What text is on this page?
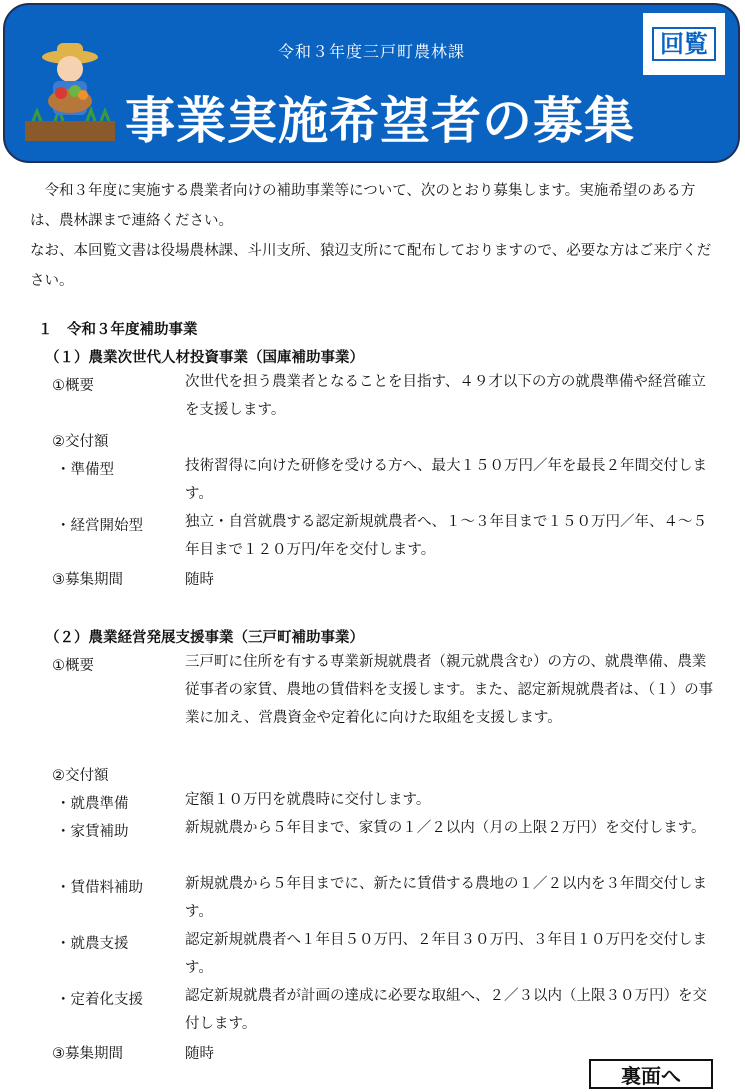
令和３年度三戸町農林課
事業実施希望者の募集
回覧

令和３年度に実施する農業者向けの補助事業等について、次のとおり募集します。実施希望のある方は、農林課まで連絡ください。
なお、本回覧文書は役場農林課、斗川支所、猿辺支所にて配布しておりますので、必要な方はご来庁ください。

１　令和３年度補助事業
（１）農業次世代人材投資事業（国庫補助事業）
①概要	次世代を担う農業者となることを目指す、４９才以下の方の就農準備や経営確立を支援します。

②交付額
・準備型	技術習得に向けた研修を受ける方へ、最大１５０万円／年を最長２年間交付します。

・経営開始型	独立・自営就農する認定新規就農者へ、１～３年目まで１５０万円／年、４～５年目まで１２０万円/年を交付します。

③募集期間	随時
（２）農業経営発展支援事業（三戸町補助事業）
①概要	三戸町に住所を有する専業新規就農者（親元就農含む）の方の、就農準備、農業従事者の家賃、農地の賃借料を支援します。また、認定新規就農者は、（１）の事業に加え、営農資金や定着化に向けた取組を支援します。

②交付額
・就農準備	定額１０万円を就農時に交付します。

・家賃補助	新規就農から５年目まで、家賃の１／２以内（月の上限２万円）を交付します。

・賃借料補助	新規就農から５年目までに、新たに賃借する農地の１／２以内を３年間交付します。

・就農支援	認定新規就農者へ１年目５０万円、２年目３０万円、３年目１０万円を交付します。

・定着化支援	認定新規就農者が計画の達成に必要な取組へ、２／３以内（上限３０万円）を交付します。

③募集期間	随時
裏面へ
